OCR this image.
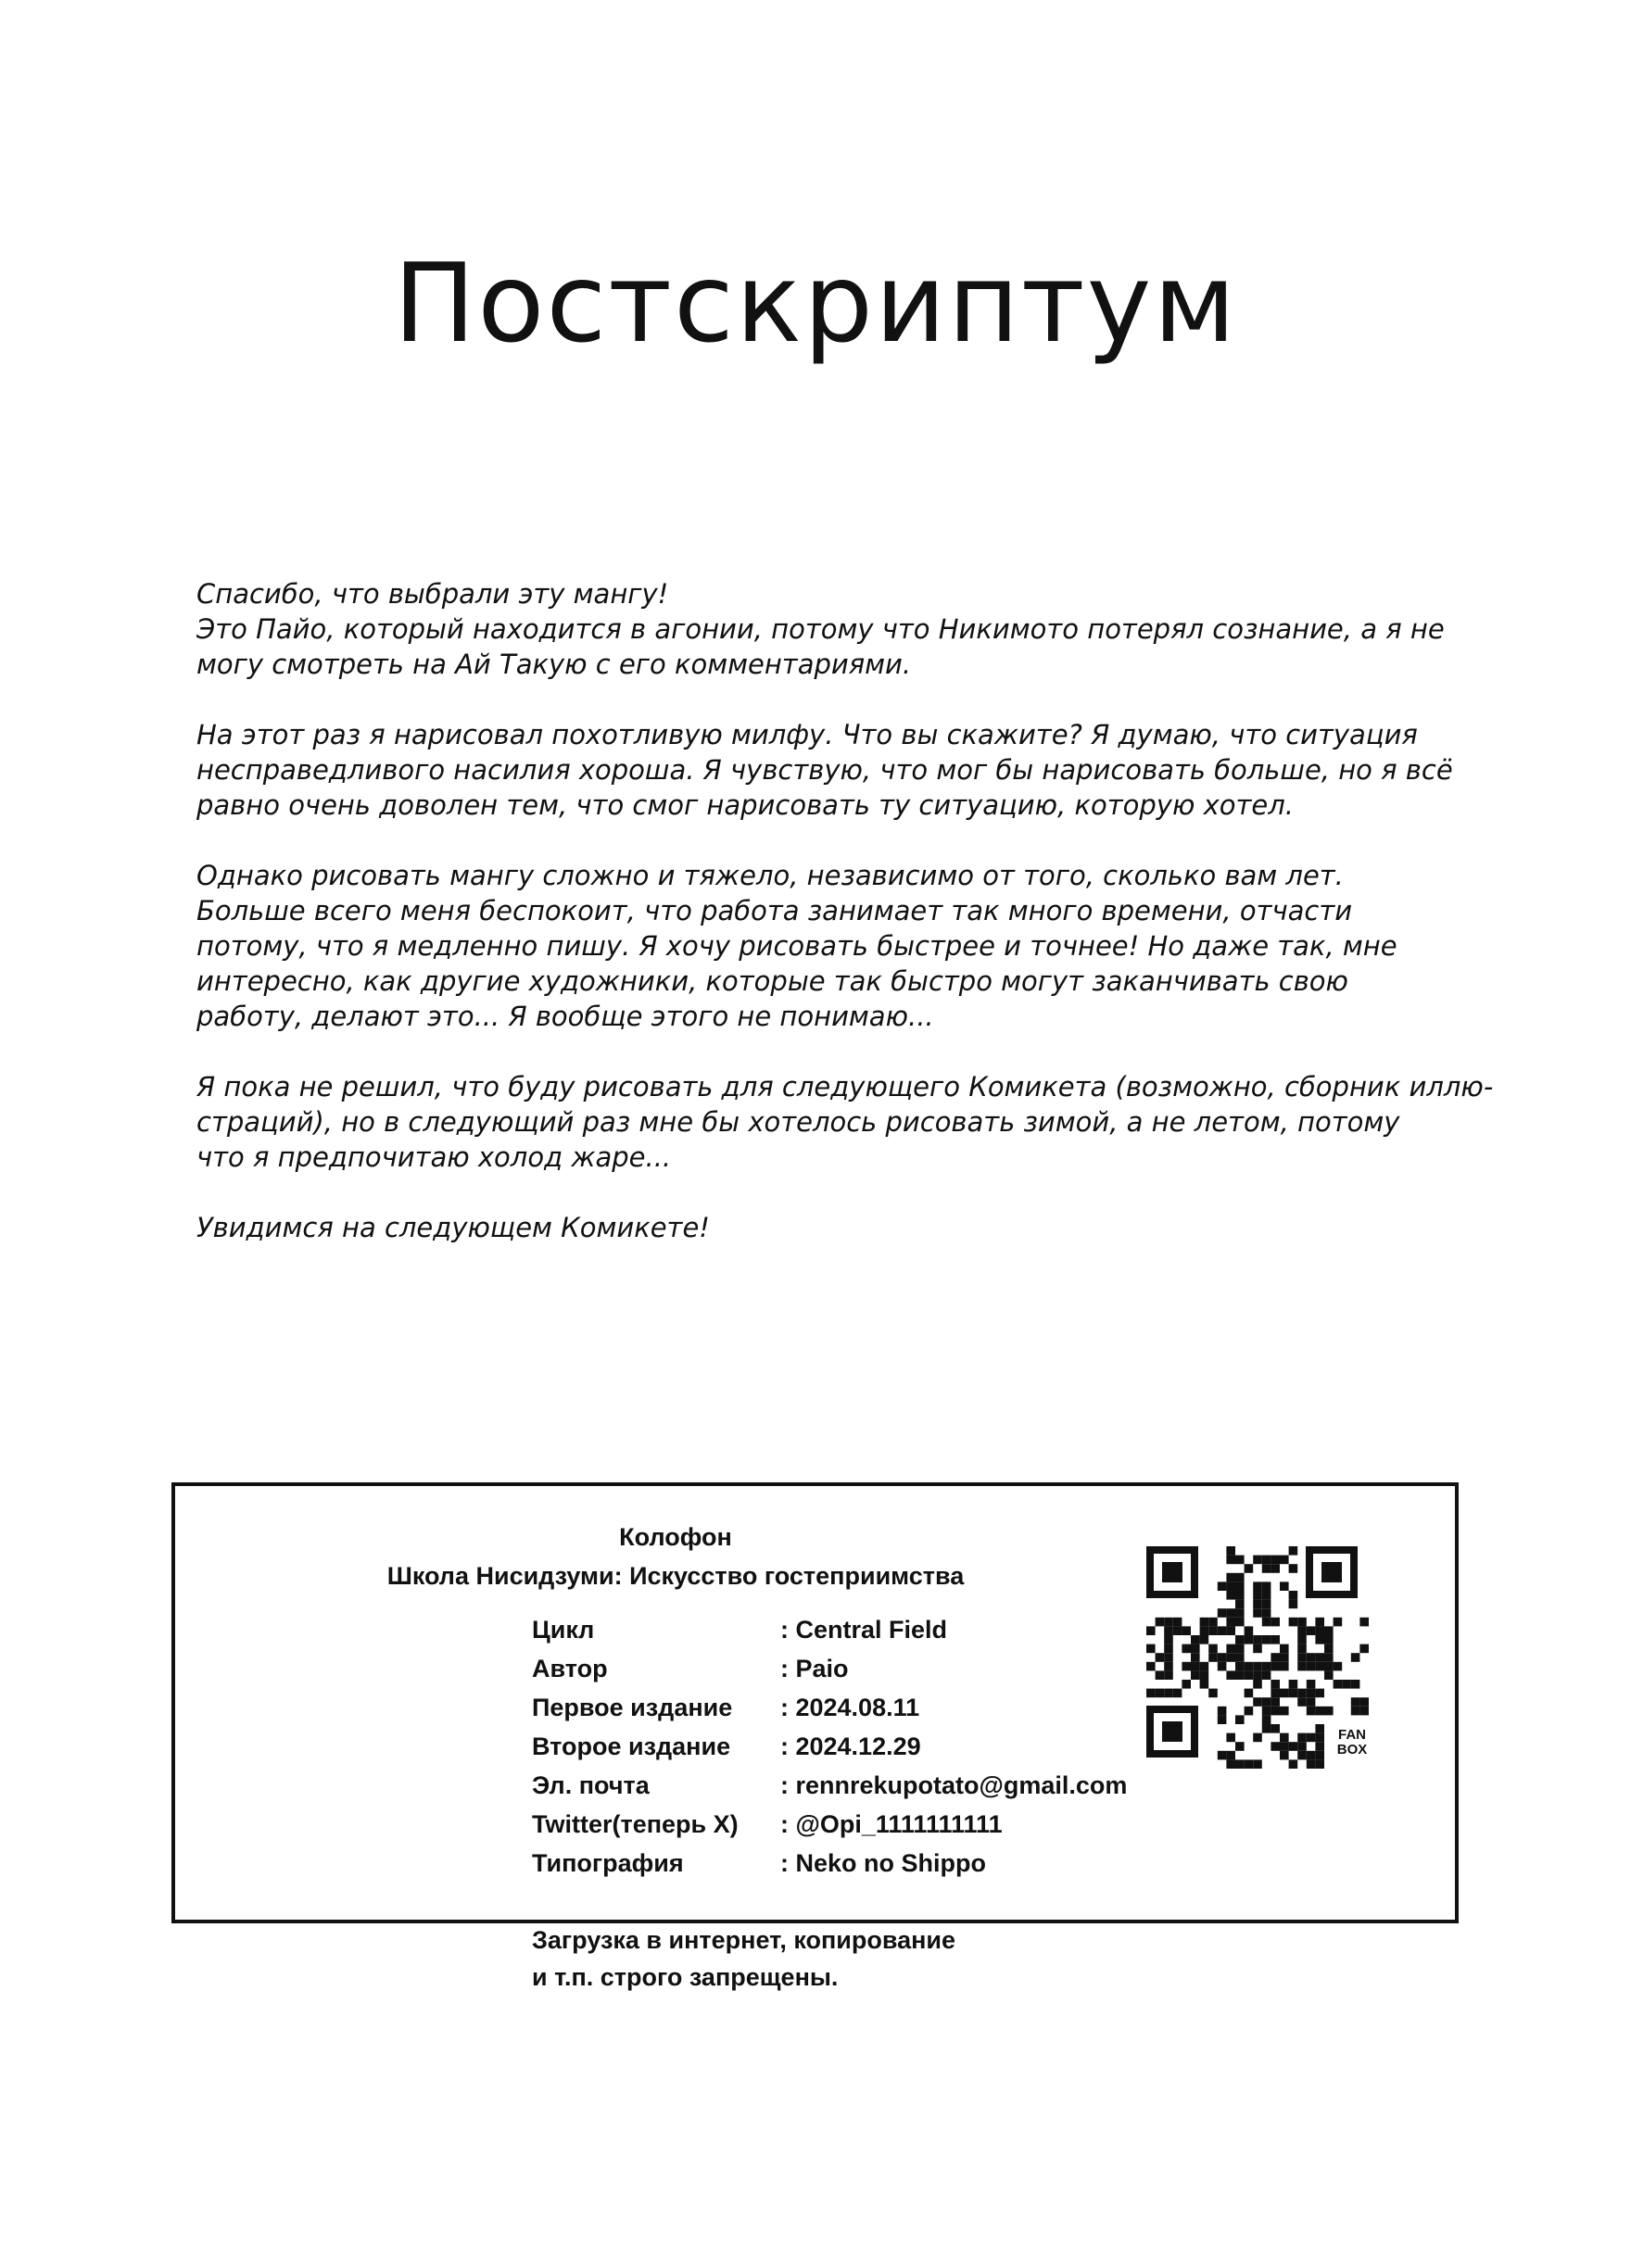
Постскриптум
Спасибо, что выбрали эту мангу!
Это Пайо, который находится в агонии, потому что Никимото потерял сознание, а я не
могу смотреть на Ай Такую с его комментариями.
На этот раз я нарисовал похотливую милфу. Что вы скажите? Я думаю, что ситуация
несправедливого насилия хороша. Я чувствую, что мог бы нарисовать больше, но я всё
равно очень доволен тем, что смог нарисовать ту ситуацию, которую хотел.
Однако рисовать мангу сложно и тяжело, независимо от того, сколько вам лет.
Больше всего меня беспокоит, что работа занимает так много времени, отчасти
потому, что я медленно пишу. Я хочу рисовать быстрее и точнее! Но даже так, мне
интересно, как другие художники, которые так быстро могут заканчивать свою
работу, делают это... Я вообще этого не понимаю...
Я пока не решил, что буду рисовать для следующего Комикета (возможно, сборник иллю-
страций), но в следующий раз мне бы хотелось рисовать зимой, а не летом, потому
что я предпочитаю холод жаре...
Увидимся на следующем Комикете!
Колофон
Школа Нисидзуми: Искусство гостеприимства
Цикл	: Central Field
Автор	: Paio
Первое издание : 2024.08.11
Второе издание : 2024.12.29
Эл. почта	: rennrekupotato@gmail.com
Twitter(теперь X) : @Opi_1111111111
Типография	: Neko no Shippo
Загрузка в интернет, копирование
и т.п. строго запрещены.
FAN
BOX
